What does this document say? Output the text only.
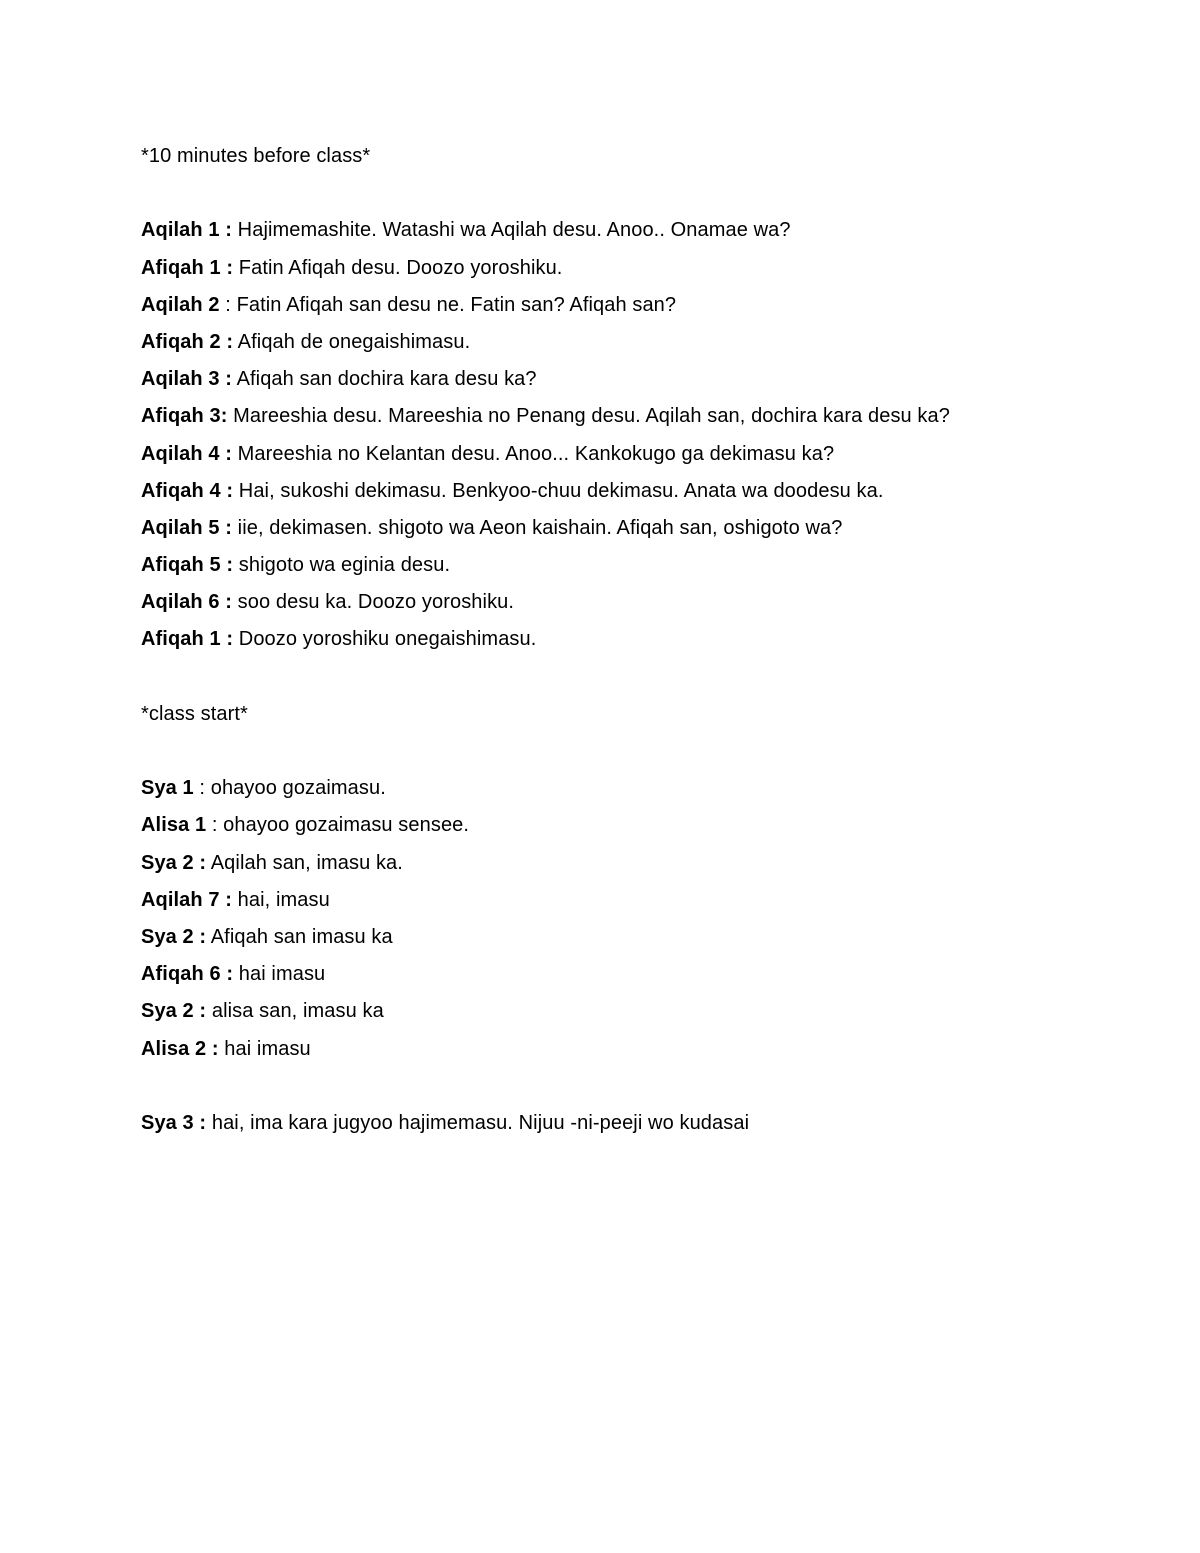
*10 minutes before class*
Aqilah 1 : Hajimemashite. Watashi wa Aqilah desu. Anoo.. Onamae wa?
Afiqah 1 : Fatin Afiqah desu. Doozo yoroshiku.
Aqilah 2 : Fatin Afiqah san desu ne. Fatin san? Afiqah san?
Afiqah 2 : Afiqah de onegaishimasu.
Aqilah 3 : Afiqah san dochira kara desu ka?
Afiqah 3: Mareeshia desu. Mareeshia no Penang desu. Aqilah san, dochira kara desu ka?
Aqilah 4 : Mareeshia no Kelantan desu. Anoo... Kankokugo ga dekimasu ka?
Afiqah 4 : Hai, sukoshi dekimasu. Benkyoo-chuu dekimasu. Anata wa doodesu ka.
Aqilah 5 : iie, dekimasen. shigoto wa Aeon kaishain. Afiqah san, oshigoto wa?
Afiqah 5 : shigoto wa eginia desu.
Aqilah 6 : soo desu ka. Doozo yoroshiku.
Afiqah 1 : Doozo yoroshiku onegaishimasu.
*class start*
Sya 1 : ohayoo gozaimasu.
Alisa 1 : ohayoo gozaimasu sensee.
Sya 2 : Aqilah san, imasu ka.
Aqilah 7 : hai, imasu
Sya 2 : Afiqah san imasu ka
Afiqah 6 : hai imasu
Sya 2 : alisa san, imasu ka
Alisa 2 : hai imasu
Sya 3 : hai, ima kara jugyoo hajimemasu. Nijuu -ni-peeji wo kudasai
